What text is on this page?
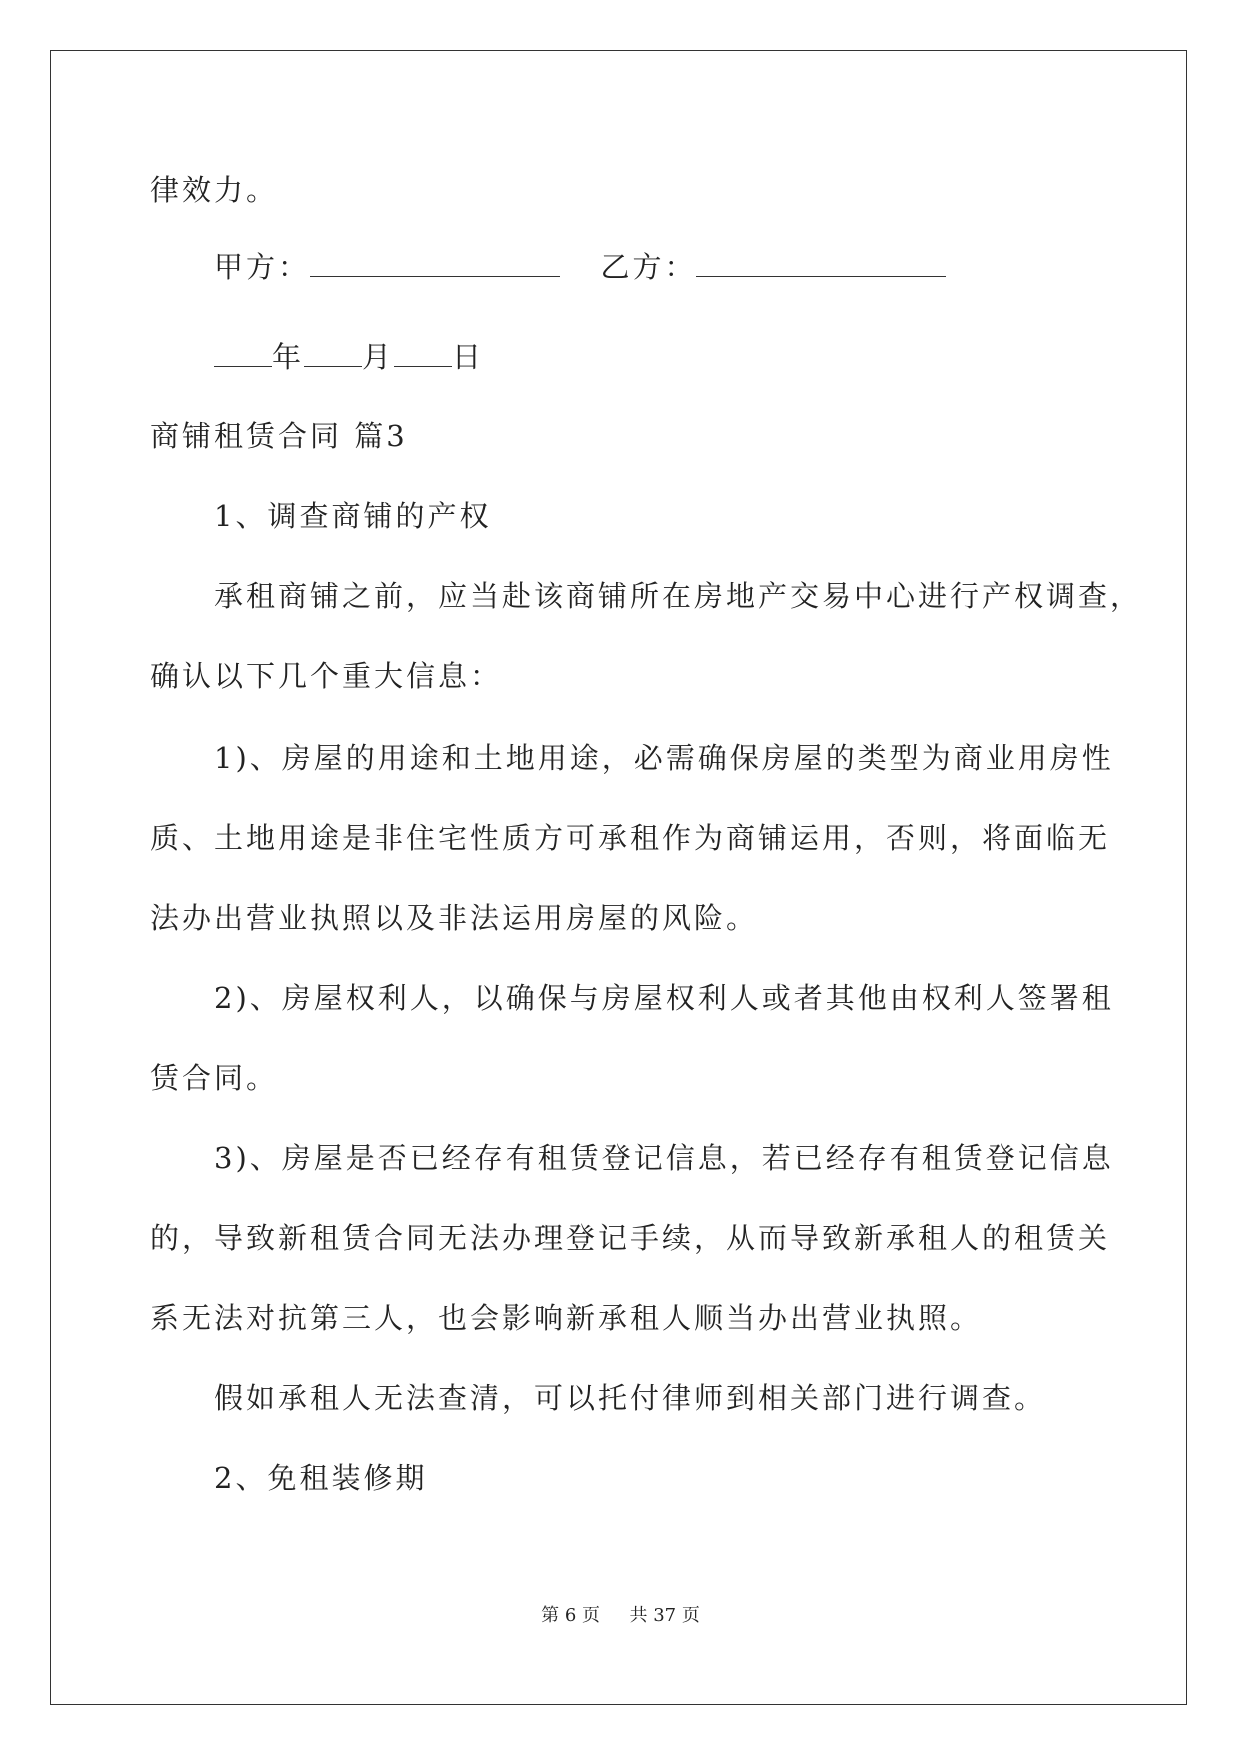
律效力。
甲方：	乙方：
年 月 日
商铺租赁合同 篇3
1、调查商铺的产权
承租商铺之前，应当赴该商铺所在房地产交易中心进行产权调查，
确认以下几个重大信息：
1)、房屋的用途和土地用途，必需确保房屋的类型为商业用房性
质、土地用途是非住宅性质方可承租作为商铺运用，否则，将面临无
法办出营业执照以及非法运用房屋的风险。
2)、房屋权利人，以确保与房屋权利人或者其他由权利人签署租
赁合同。
3)、房屋是否已经存有租赁登记信息，若已经存有租赁登记信息
的，导致新租赁合同无法办理登记手续，从而导致新承租人的租赁关
系无法对抗第三人，也会影响新承租人顺当办出营业执照。
假如承租人无法查清，可以托付律师到相关部门进行调查。
2、免租装修期
第 6 页 共 37 页
